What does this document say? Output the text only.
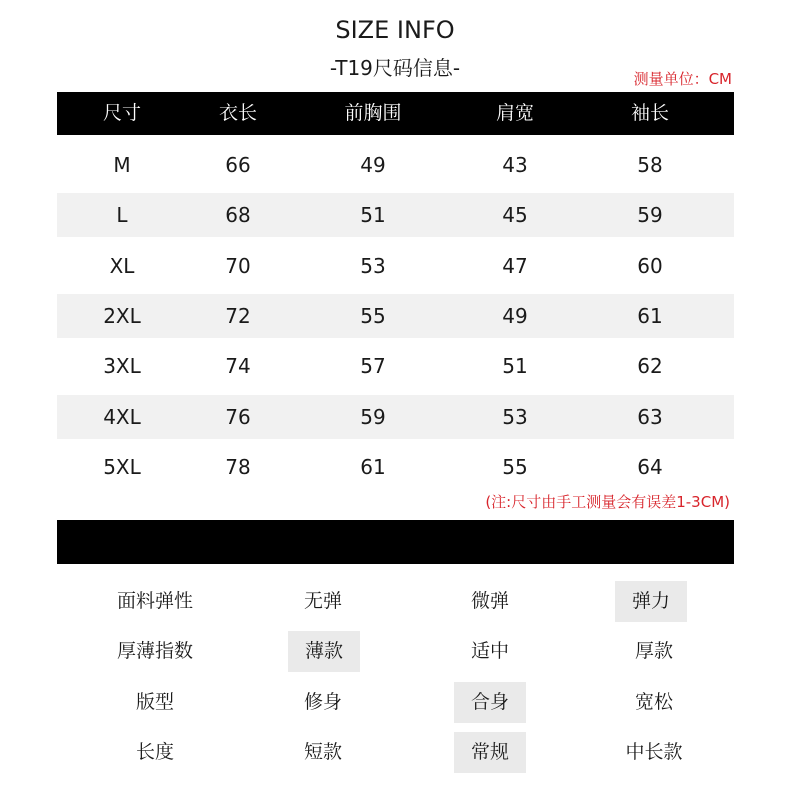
SIZE INFO
-T19尺码信息-	测量单位：CM
尺寸	衣长	前胸围	肩宽	袖长
M	66	49	43	58
L	68	51	45	59
XL	70	53	47	60
2XL	72	55	49	61
3XL	74	57	51	62
4XL	76	59	53	63
5XL	78	61	55	64
(注:尺寸由手工测量会有误差1-3CM)
面料弹性	无弹	微弹	弹力
厚薄指数	薄款	适中	厚款
版型	修身	合身	宽松
长度	短款	常规	中长款
